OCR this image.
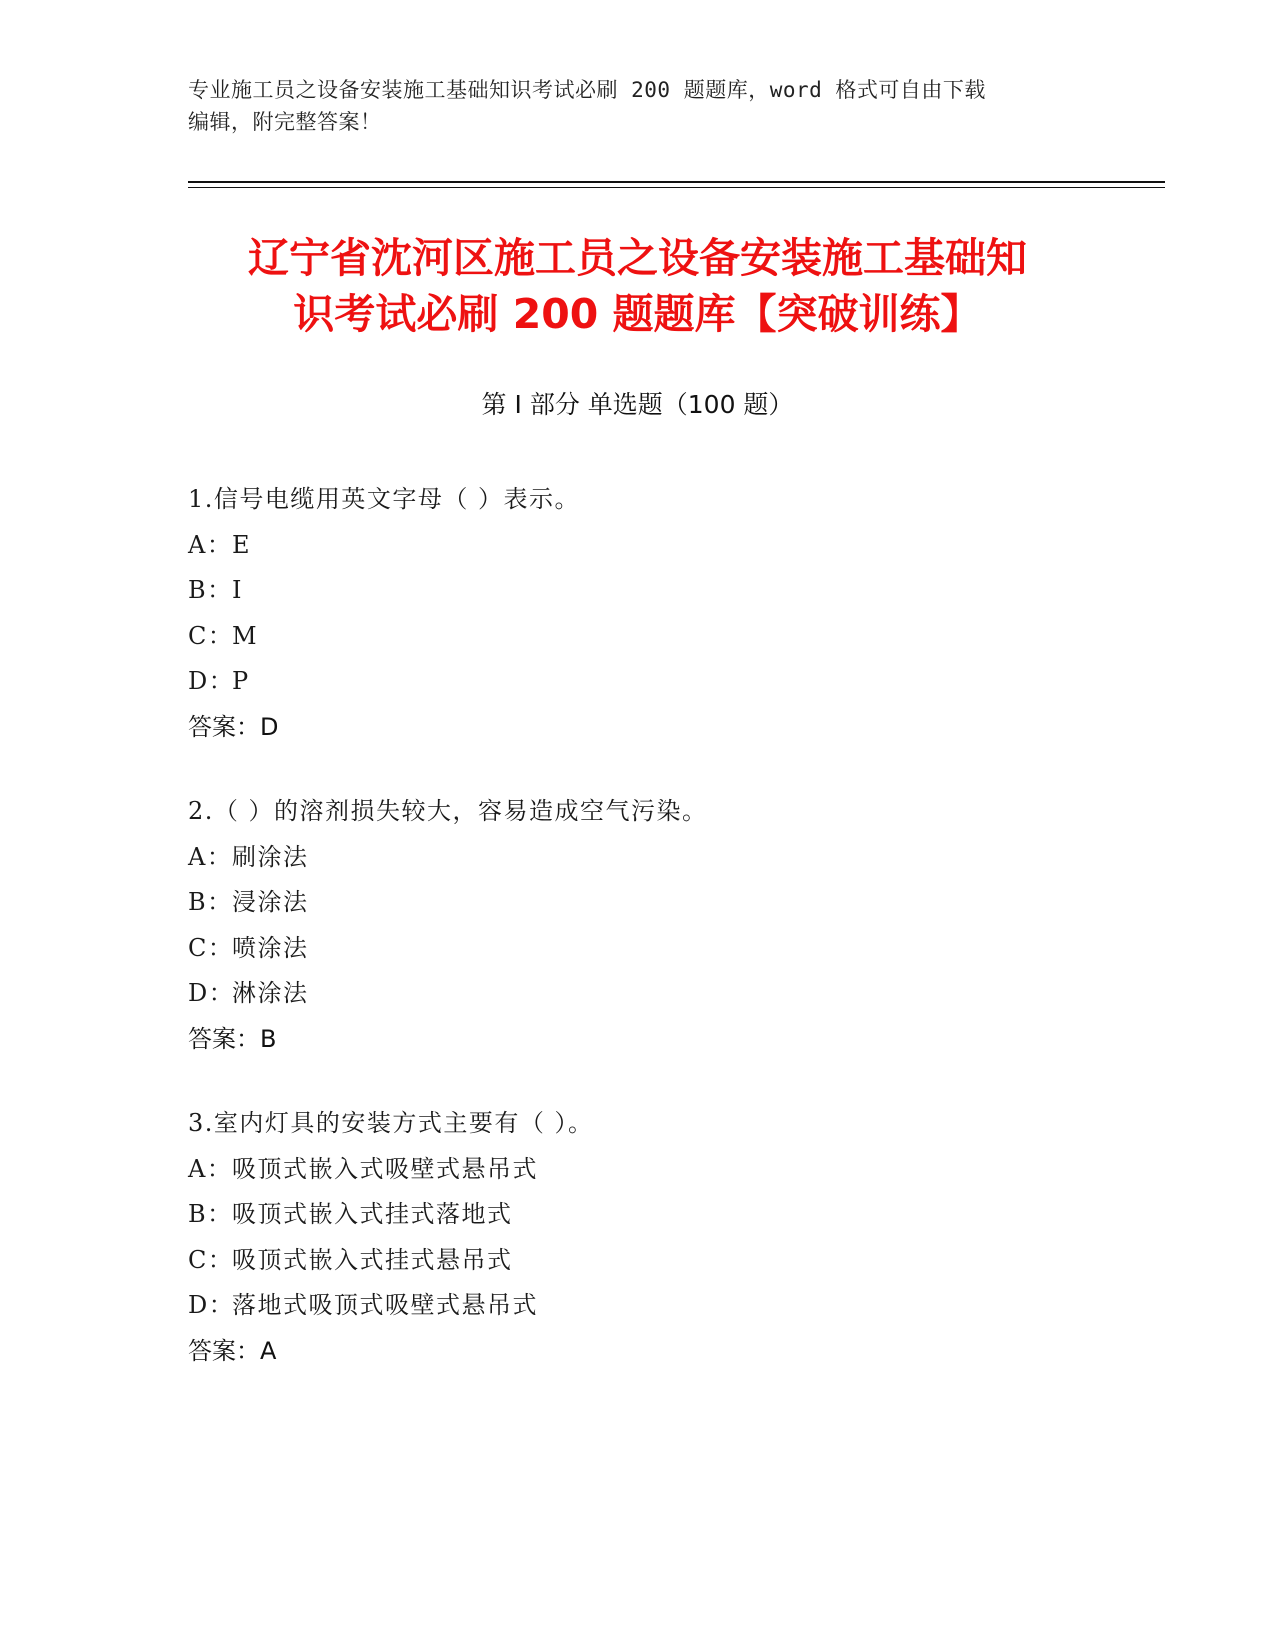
专业施工员之设备安装施工基础知识考试必刷 200 题题库，word 格式可自由下载
编辑，附完整答案！
辽宁省沈河区施工员之设备安装施工基础知
识考试必刷 200 题题库【突破训练】
第 I 部分 单选题（100 题）
1.信号电缆用英文字母（ ）表示。
A：E
B：I
C：M
D：P
答案：D
2.（ ）的溶剂损失较大，容易造成空气污染。
A：刷涂法
B：浸涂法
C：喷涂法
D：淋涂法
答案：B
3.室内灯具的安装方式主要有（ ）。
A：吸顶式嵌入式吸壁式悬吊式
B：吸顶式嵌入式挂式落地式
C：吸顶式嵌入式挂式悬吊式
D：落地式吸顶式吸壁式悬吊式
答案：A
